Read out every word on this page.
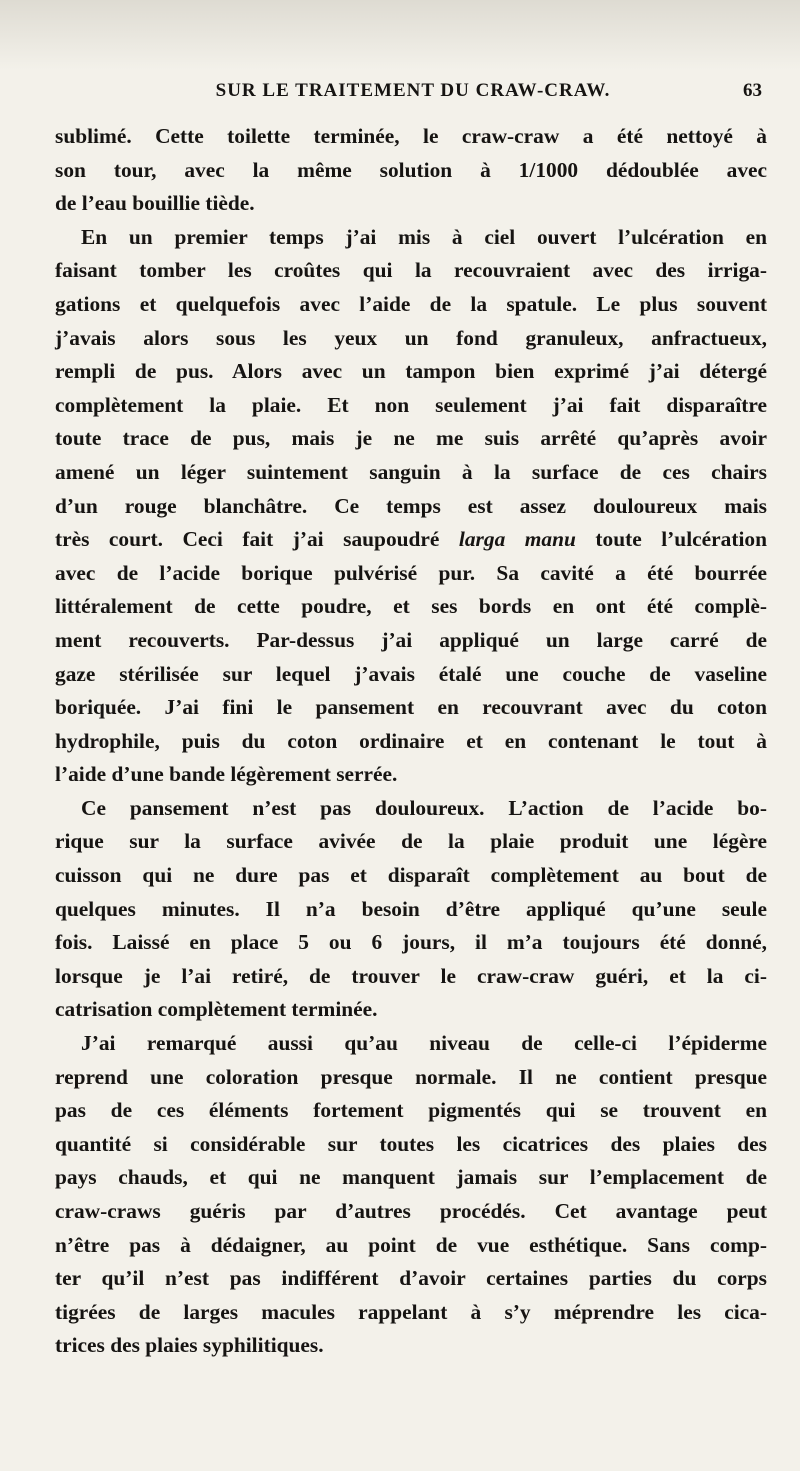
SUR LE TRAITEMENT DU CRAW-CRAW.	63
sublimé. Cette toilette terminée, le craw-craw a été nettoyé à
son tour, avec la même solution à 1/1000 dédoublée avec
de l’eau bouillie tiède.
En un premier temps j’ai mis à ciel ouvert l’ulcération en
faisant tomber les croûtes qui la recouvraient avec des irriga-
gations et quelquefois avec l’aide de la spatule. Le plus souvent
j’avais alors sous les yeux un fond granuleux, anfractueux,
rempli de pus. Alors avec un tampon bien exprimé j’ai détergé
complètement la plaie. Et non seulement j’ai fait disparaître
toute trace de pus, mais je ne me suis arrêté qu’après avoir
amené un léger suintement sanguin à la surface de ces chairs
d’un rouge blanchâtre. Ce temps est assez douloureux mais
très court. Ceci fait j’ai saupoudré larga manu toute l’ulcération
avec de l’acide borique pulvérisé pur. Sa cavité a été bourrée
littéralement de cette poudre, et ses bords en ont été complè-
ment recouverts. Par-dessus j’ai appliqué un large carré de
gaze stérilisée sur lequel j’avais étalé une couche de vaseline
boriquée. J’ai fini le pansement en recouvrant avec du coton
hydrophile, puis du coton ordinaire et en contenant le tout à
l’aide d’une bande légèrement serrée.
Ce pansement n’est pas douloureux. L’action de l’acide bo-
rique sur la surface avivée de la plaie produit une légère
cuisson qui ne dure pas et disparaît complètement au bout de
quelques minutes. Il n’a besoin d’être appliqué qu’une seule
fois. Laissé en place 5 ou 6 jours, il m’a toujours été donné,
lorsque je l’ai retiré, de trouver le craw-craw guéri, et la ci-
catrisation complètement terminée.
J’ai remarqué aussi qu’au niveau de celle-ci l’épiderme
reprend une coloration presque normale. Il ne contient presque
pas de ces éléments fortement pigmentés qui se trouvent en
quantité si considérable sur toutes les cicatrices des plaies des
pays chauds, et qui ne manquent jamais sur l’emplacement de
craw-craws guéris par d’autres procédés. Cet avantage peut
n’être pas à dédaigner, au point de vue esthétique. Sans comp-
ter qu’il n’est pas indifférent d’avoir certaines parties du corps
tigrées de larges macules rappelant à s’y méprendre les cica-
trices des plaies syphilitiques.
